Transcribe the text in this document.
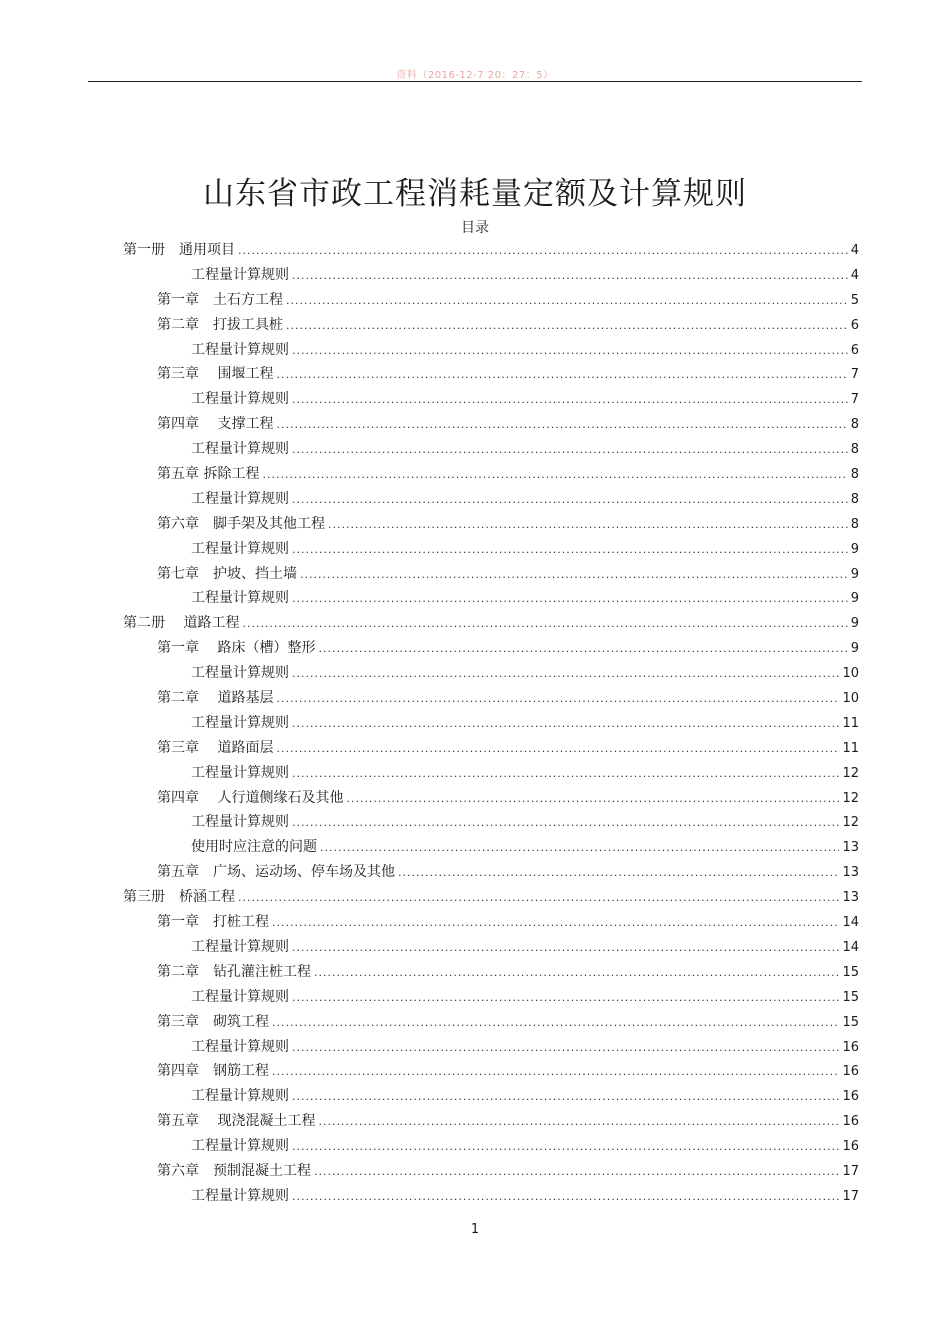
资料（2016-12-7 20：27：5）
山东省市政工程消耗量定额及计算规则
目录
第一册　通用项目 .....	4
工程量计算规则 .....	4
第一章　土石方工程 .....	5
第二章　打拔工具桩 .....	6
工程量计算规则 .....	6
第三章　 围堰工程 .....	7
工程量计算规则 .....	7
第四章　 支撑工程 .....	8
工程量计算规则 .....	8
第五章 拆除工程 .....	8
工程量计算规则 .....	8
第六章　脚手架及其他工程 .....	8
工程量计算规则 .....	9
第七章　护坡、挡土墙 .....	9
工程量计算规则 .....	9
第二册　 道路工程 .....	9
第一章　 路床（槽）整形 .....	9
工程量计算规则 .....	10
第二章　 道路基层 .....	10
工程量计算规则 .....	11
第三章　 道路面层 .....	11
工程量计算规则 .....	12
第四章　 人行道侧缘石及其他 .....	12
工程量计算规则 .....	12
使用时应注意的问题 .....	13
第五章　广场、运动场、停车场及其他 .....	13
第三册　桥涵工程 .....	13
第一章　打桩工程 .....	14
工程量计算规则 .....	14
第二章　钻孔灌注桩工程 .....	15
工程量计算规则 .....	15
第三章　砌筑工程 .....	15
工程量计算规则 .....	16
第四章　钢筋工程 .....	16
工程量计算规则 .....	16
第五章　 现浇混凝土工程 .....	16
工程量计算规则 .....	16
第六章　预制混凝土工程 .....	17
工程量计算规则 .....	17
1
